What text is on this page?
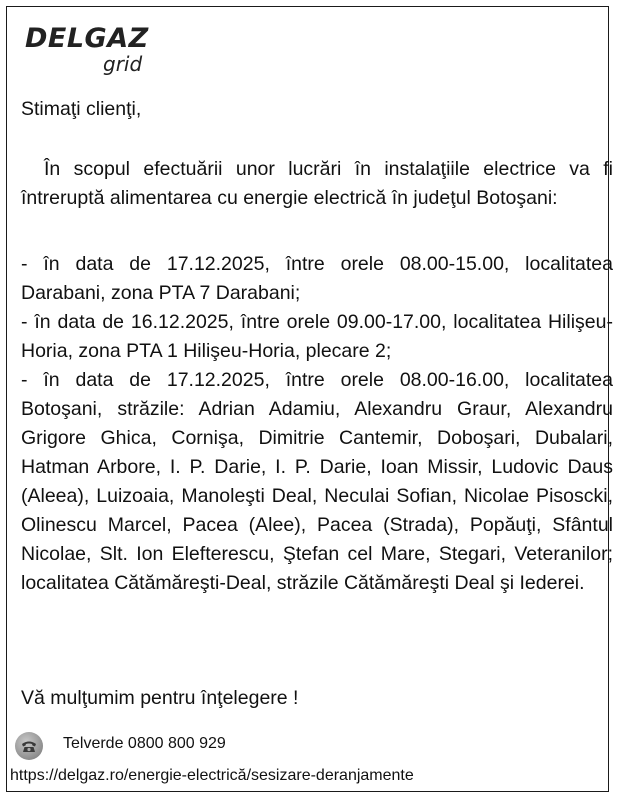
DELGAZ
grid

Stimaţi clienţi,

În scopul efectuării unor lucrări în instalaţiile electrice va fi întreruptă alimentarea cu energie electrică în judeţul Botoşani:

- în data de 17.12.2025, între orele 08.00-15.00, localitatea Darabani, zona PTA 7 Darabani;

- în data de 16.12.2025, între orele 09.00-17.00, localitatea Hilişeu-Horia, zona PTA 1 Hilişeu-Horia, plecare 2;

- în data de 17.12.2025, între orele 08.00-16.00, localitatea Botoşani, străzile: Adrian Adamiu, Alexandru Graur, Alexandru Grigore Ghica, Cornişa, Dimitrie Cantemir, Doboşari, Dubalari, Hatman Arbore, I. P. Darie, I. P. Darie, Ioan Missir, Ludovic Daus (Aleea), Luizoaia, Manoleşti Deal, Neculai Sofian, Nicolae Pisoscki, Olinescu Marcel, Pacea (Alee), Pacea (Strada), Popăuţi, Sfântul Nicolae, Slt. Ion Elefterescu, Ştefan cel Mare, Stegari, Veteranilor; localitatea Cătămăreşti-Deal, străzile Cătămăreşti Deal şi Iederei.

Vă mulţumim pentru înţelegere !

Telverde 0800 800 929
https://delgaz.ro/energie-electrică/sesizare-deranjamente
